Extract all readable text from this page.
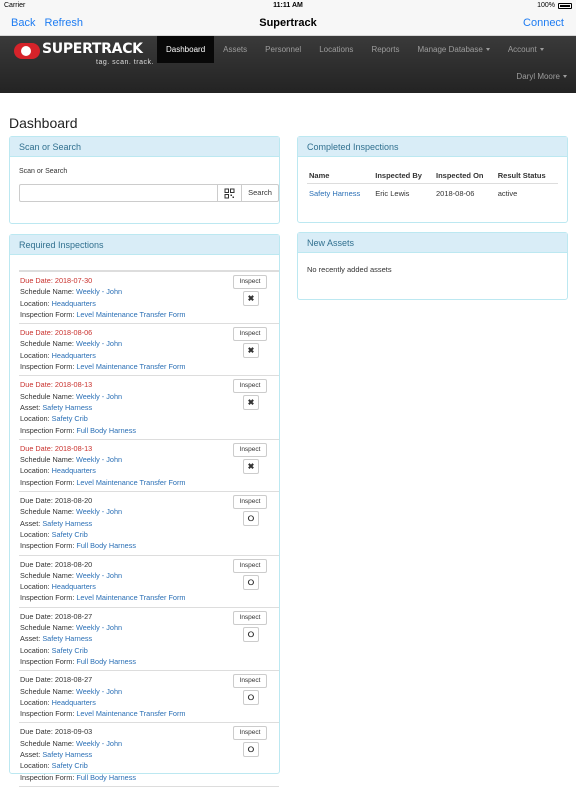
Carrier	11:11 AM	100%
Back Refresh	Supertrack	Connect
SUPERTRACK
tag. scan. track.
Dashboard	Assets	Personnel	Locations	Reports	Manage Database	Account
Daryl Moore
Dashboard
Scan or Search
Scan or Search
Search
Required Inspections
Due Date: 2018-07-30
Schedule Name: Weekly - John
Location: Headquarters
Inspection Form: Level Maintenance Transfer Form
Inspect
✖
Due Date: 2018-08-06
Schedule Name: Weekly - John
Location: Headquarters
Inspection Form: Level Maintenance Transfer Form
Inspect
✖
Due Date: 2018-08-13
Schedule Name: Weekly - John
Asset: Safety Harness
Location: Safety Crib
Inspection Form: Full Body Harness
Inspect
✖
Due Date: 2018-08-13
Schedule Name: Weekly - John
Location: Headquarters
Inspection Form: Level Maintenance Transfer Form
Inspect
✖
Due Date: 2018-08-20
Schedule Name: Weekly - John
Asset: Safety Harness
Location: Safety Crib
Inspection Form: Full Body Harness
Inspect
⭘
Due Date: 2018-08-20
Schedule Name: Weekly - John
Location: Headquarters
Inspection Form: Level Maintenance Transfer Form
Inspect
⭘
Due Date: 2018-08-27
Schedule Name: Weekly - John
Asset: Safety Harness
Location: Safety Crib
Inspection Form: Full Body Harness
Inspect
⭘
Due Date: 2018-08-27
Schedule Name: Weekly - John
Location: Headquarters
Inspection Form: Level Maintenance Transfer Form
Inspect
⭘
Due Date: 2018-09-03
Schedule Name: Weekly - John
Asset: Safety Harness
Location: Safety Crib
Inspection Form: Full Body Harness
Inspect
⭘
Completed Inspections
Name	Inspected By	Inspected On	Result Status
Safety Harness	Eric Lewis	2018-08-06	active
New Assets
No recently added assets
